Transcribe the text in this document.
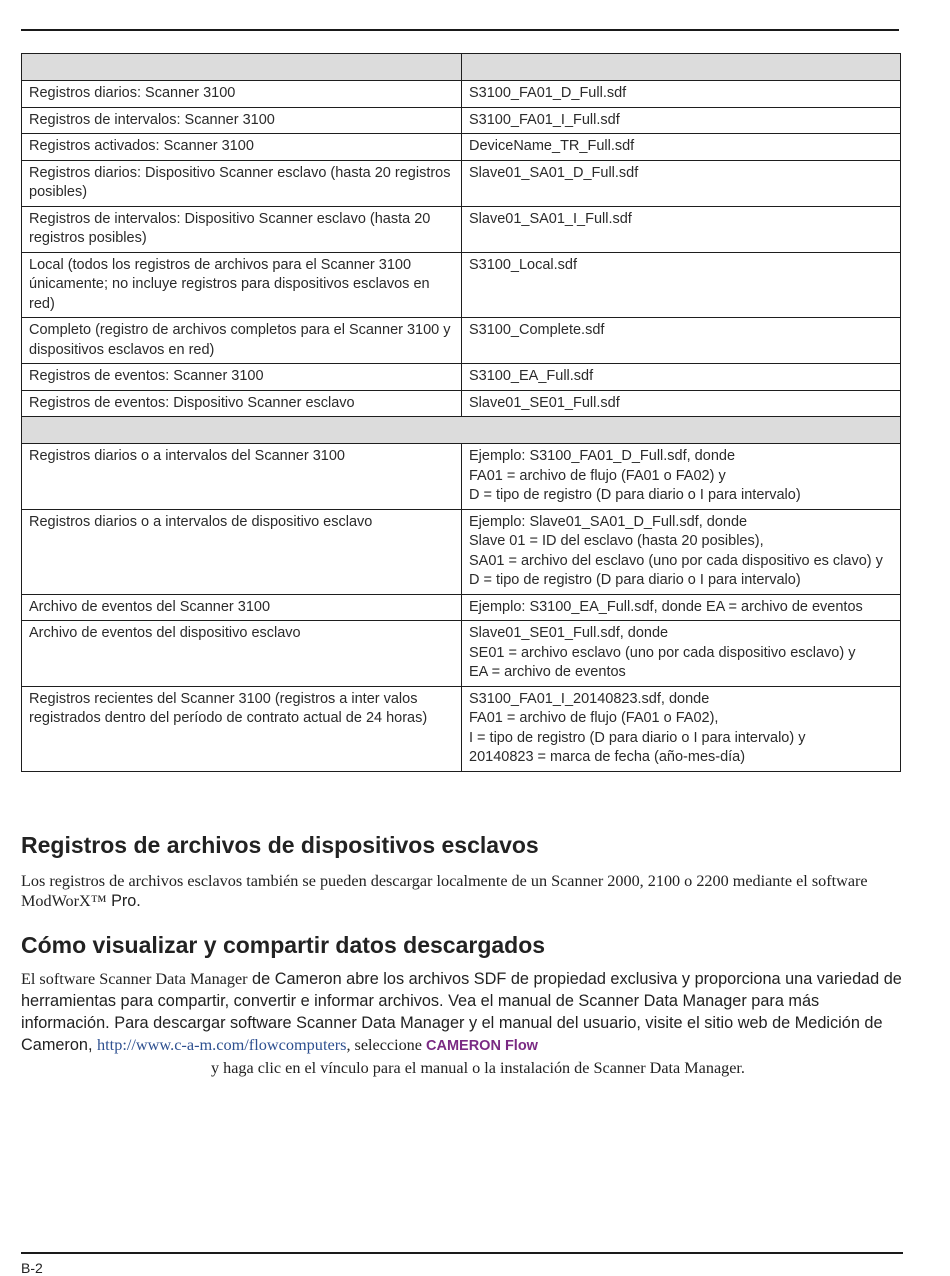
Registros diarios: Scanner 3100	S3100_FA01_D_Full.sdf
Registros de intervalos: Scanner 3100	S3100_FA01_I_Full.sdf
Registros activados: Scanner 3100	DeviceName_TR_Full.sdf
Registros diarios: Dispositivo Scanner esclavo (hasta 20 registros posibles)	Slave01_SA01_D_Full.sdf
Registros de intervalos: Dispositivo Scanner esclavo (hasta 20 registros posibles)	Slave01_SA01_I_Full.sdf
Local (todos los registros de archivos para el Scanner 3100 únicamente; no incluye registros para dispositivos esclavos en red)	S3100_Local.sdf
Completo (registro de archivos completos para el Scanner 3100 y dispositivos esclavos en red)	S3100_Complete.sdf
Registros de eventos: Scanner 3100	S3100_EA_Full.sdf
Registros de eventos: Dispositivo Scanner esclavo	Slave01_SE01_Full.sdf

Registros diarios o a intervalos del Scanner 3100	Ejemplo: S3100_FA01_D_Full.sdf, donde
FA01 = archivo de flujo (FA01 o FA02) y
D = tipo de registro (D para diario o I para intervalo)

Registros diarios o a intervalos de dispositivo esclavo	Ejemplo: Slave01_SA01_D_Full.sdf, donde
Slave 01 = ID del esclavo (hasta 20 posibles),
SA01 = archivo del esclavo (uno por cada dispositivo es clavo) y
D = tipo de registro (D para diario o I para intervalo)

Archivo de eventos del Scanner 3100	Ejemplo: S3100_EA_Full.sdf, donde EA = archivo de eventos

Archivo de eventos del dispositivo esclavo	Slave01_SE01_Full.sdf, donde
SE01 = archivo esclavo (uno por cada dispositivo esclavo) y
EA = archivo de eventos

Registros recientes del Scanner 3100 (registros a inter valos registrados dentro del período de contrato actual de 24 horas)	S3100_FA01_I_20140823.sdf, donde
FA01 = archivo de flujo (FA01 o FA02),
I = tipo de registro (D para diario o I para intervalo) y
20140823 = marca de fecha (año-mes-día)
Registros de archivos de dispositivos esclavos

Los registros de archivos esclavos también se pueden descargar localmente de un Scanner 2000, 2100 o 2200 mediante el software ModWorX™ Pro.

Cómo visualizar y compartir datos descargados

El software Scanner Data Manager de Cameron abre los archivos SDF de propiedad exclusiva y proporciona una variedad de herramientas para compartir, convertir e informar archivos. Vea el manual de Scanner Data Manager para más información. Para descargar software Scanner Data Manager y el manual del usuario, visite el sitio web de Medición de Cameron, http://www.c-a-m.com/flowcomputers, seleccione CAMERON Flow
y haga clic en el vínculo para el manual o la instalación de Scanner Data Manager.

B-2
